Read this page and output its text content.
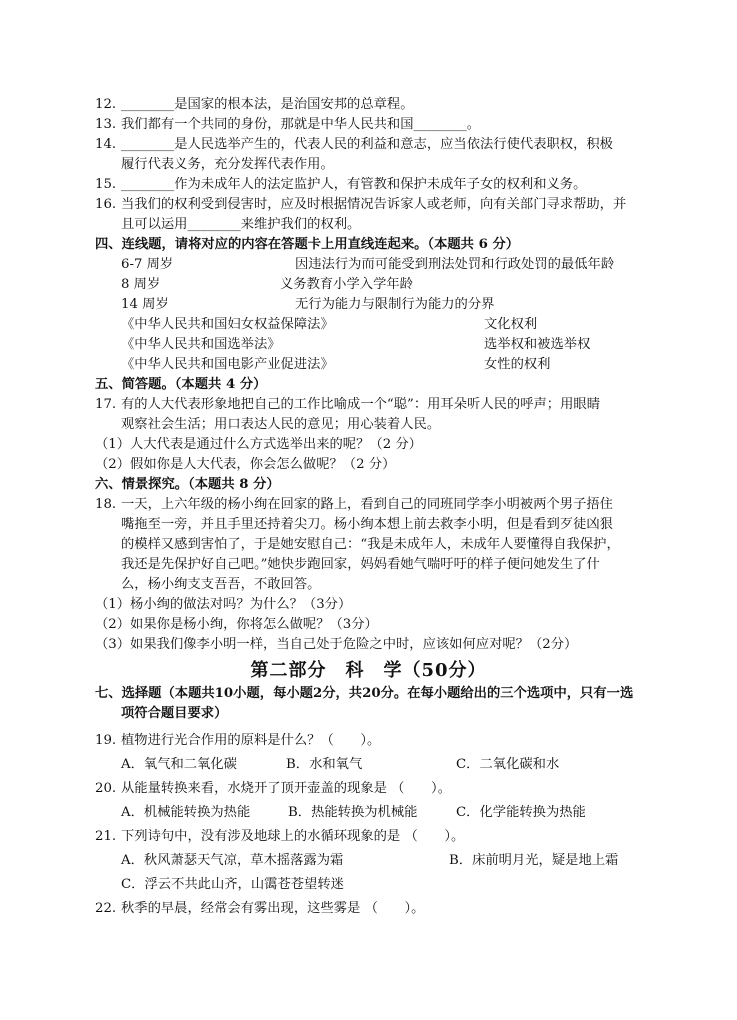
12. ________是国家的根本法，是治国安邦的总章程。
13. 我们都有一个共同的身份，那就是中华人民共和国________。
14. ________是人民选举产生的，代表人民的利益和意志，应当依法行使代表职权，积极
履行代表义务，充分发挥代表作用。
15. ________作为未成年人的法定监护人，有管教和保护未成年子女的权利和义务。
16. 当我们的权利受到侵害时，应及时根据情况告诉家人或老师，向有关部门寻求帮助，并
且可以运用________来维护我们的权利。
四、连线题，请将对应的内容在答题卡上用直线连起来。（本题共 6 分）
6-7 周岁	因违法行为而可能受到刑法处罚和行政处罚的最低年龄
8 周岁	义务教育小学入学年龄
14 周岁	无行为能力与限制行为能力的分界
《中华人民共和国妇女权益保障法》	文化权利
《中华人民共和国选举法》	选举权和被选举权
《中华人民共和国电影产业促进法》	女性的权利
五、简答题。（本题共 4 分）
17. 有的人大代表形象地把自己的工作比喻成一个“聪”：用耳朵听人民的呼声；用眼睛
观察社会生活；用口表达人民的意见；用心装着人民。
（1）人大代表是通过什么方式选举出来的呢？（2 分）
（2）假如你是人大代表，你会怎么做呢？（2 分）
六、情景探究。（本题共 8 分）
18. 一天，上六年级的杨小绚在回家的路上，看到自己的同班同学李小明被两个男子捂住
嘴拖至一旁，并且手里还持着尖刀。杨小绚本想上前去救李小明，但是看到歹徒凶狠
的模样又感到害怕了，于是她安慰自己：“我是未成年人，未成年人要懂得自我保护，
我还是先保护好自己吧。”她快步跑回家，妈妈看她气喘吁吁的样子便问她发生了什
么，杨小绚支支吾吾，不敢回答。
（1）杨小绚的做法对吗？为什么？（3分）
（2）如果你是杨小绚，你将怎么做呢？（3分）
（3）如果我们像李小明一样，当自己处于危险之中时，应该如何应对呢？（2分）
第二部分　科　学（50分）
七、选择题（本题共10小题，每小题2分，共20分。在每小题给出的三个选项中，只有一选
项符合题目要求）
19. 植物进行光合作用的原料是什么？（　　）。
A．氧气和二氧化碳	B．水和氧气	C．二氧化碳和水
20. 从能量转换来看，水烧开了顶开壶盖的现象是 （　　）。
A．机械能转换为热能	B．热能转换为机械能	C．化学能转换为热能
21. 下列诗句中，没有涉及地球上的水循环现象的是 （　　）。
A．秋风萧瑟天气凉，草木摇落露为霜	B．床前明月光，疑是地上霜
C．浮云不共此山齐，山霭苍苍望转迷
22. 秋季的早晨，经常会有雾出现，这些雾是 （　　）。
